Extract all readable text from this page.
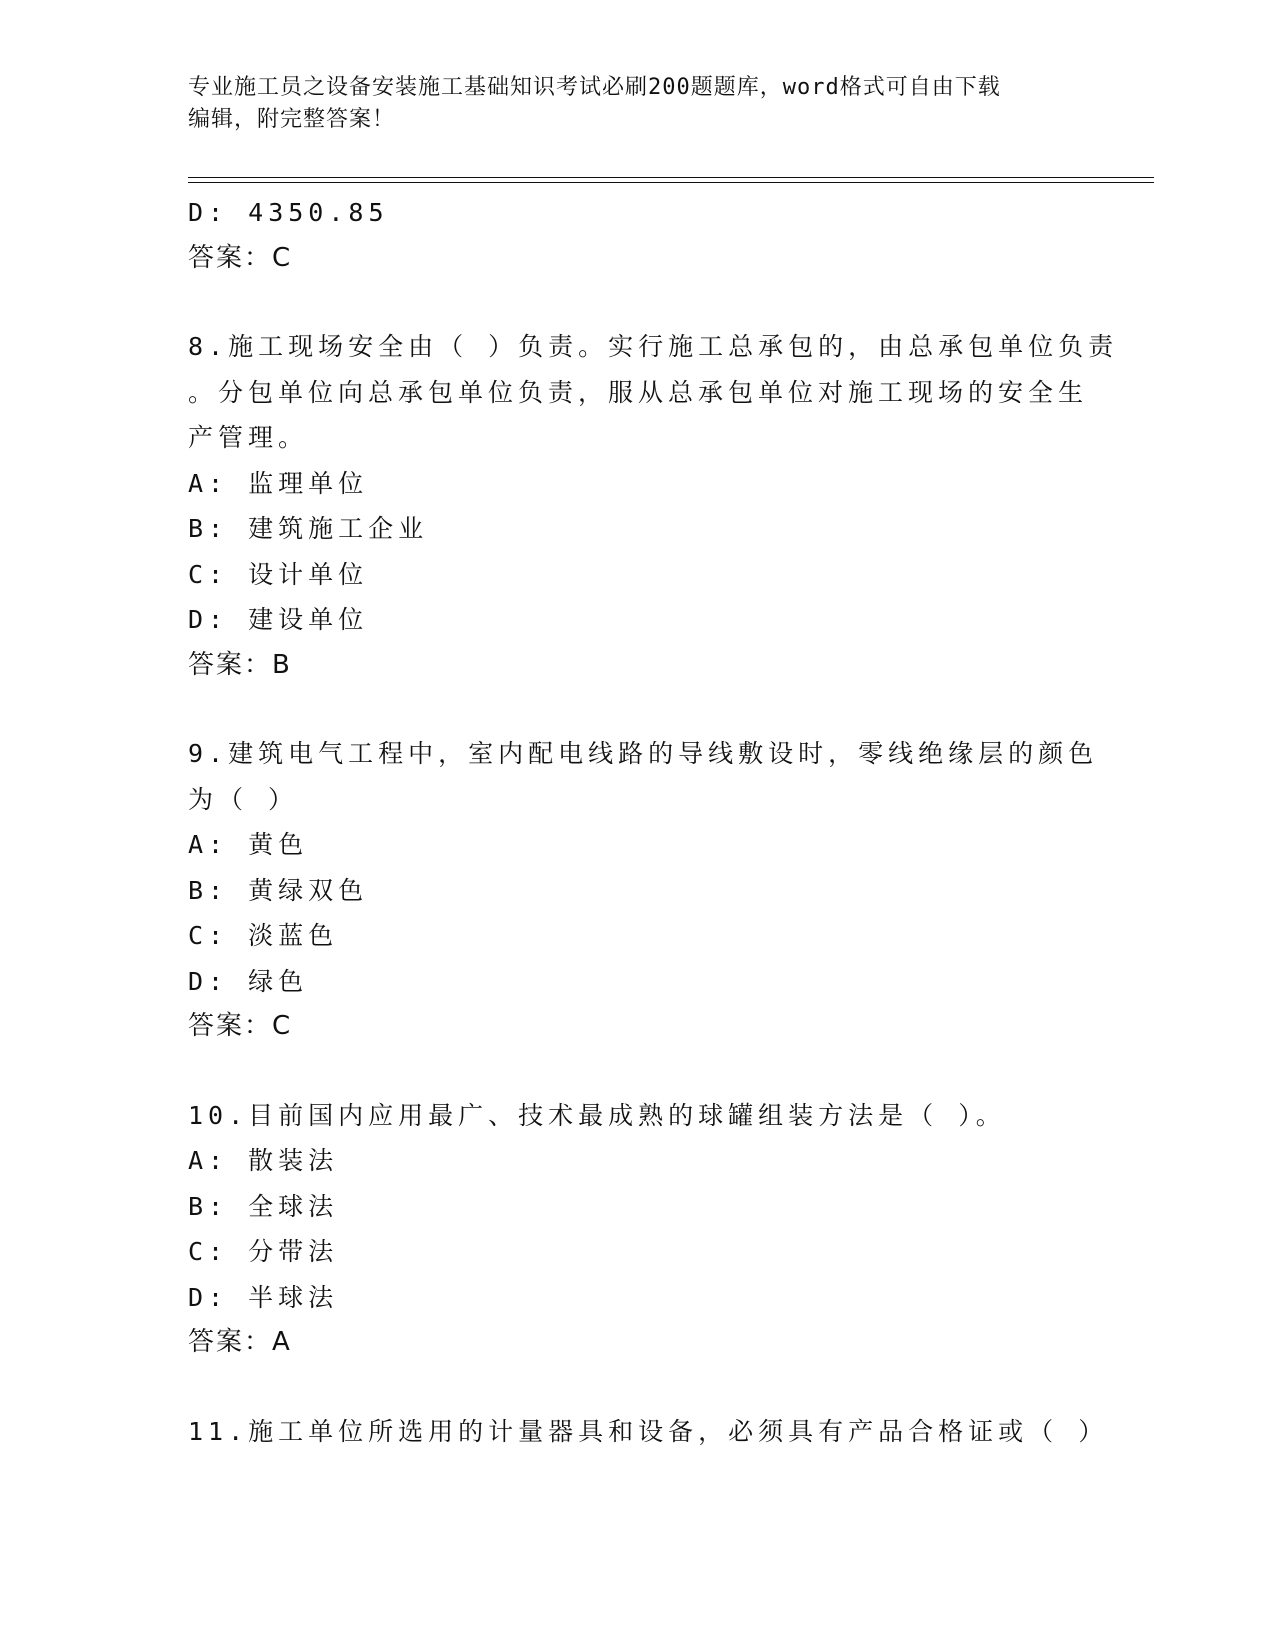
专业施工员之设备安装施工基础知识考试必刷200题题库，word格式可自由下载
编辑，附完整答案！
D: 4350.85
答案：C
8.施工现场安全由（ ）负责。实行施工总承包的，由总承包单位负责
。分包单位向总承包单位负责，服从总承包单位对施工现场的安全生
产管理。
A: 监理单位
B: 建筑施工企业
C: 设计单位
D: 建设单位
答案：B
9.建筑电气工程中，室内配电线路的导线敷设时，零线绝缘层的颜色
为（ ）
A: 黄色
B: 黄绿双色
C: 淡蓝色
D: 绿色
答案：C
10.目前国内应用最广、技术最成熟的球罐组装方法是（ ）。
A: 散装法
B: 全球法
C: 分带法
D: 半球法
答案：A
11.施工单位所选用的计量器具和设备，必须具有产品合格证或（ ）
